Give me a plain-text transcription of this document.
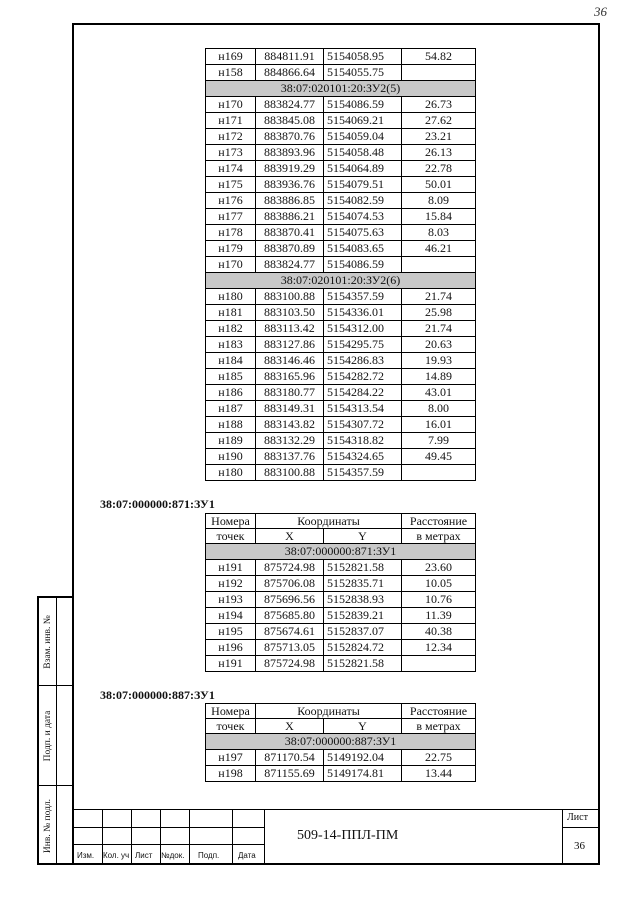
36
Взам. инв. №
Подп. и дата
Инв. № подл.
н169	884811.91	5154058.95	54.82
н158	884866.64	5154055.75	
38:07:020101:20:ЗУ2(5)			
н170	883824.77	5154086.59	26.73
н171	883845.08	5154069.21	27.62
н172	883870.76	5154059.04	23.21
н173	883893.96	5154058.48	26.13
н174	883919.29	5154064.89	22.78
н175	883936.76	5154079.51	50.01
н176	883886.85	5154082.59	8.09
н177	883886.21	5154074.53	15.84
н178	883870.41	5154075.63	8.03
н179	883870.89	5154083.65	46.21
н170	883824.77	5154086.59	
38:07:020101:20:ЗУ2(6)			
н180	883100.88	5154357.59	21.74
н181	883103.50	5154336.01	25.98
н182	883113.42	5154312.00	21.74
н183	883127.86	5154295.75	20.63
н184	883146.46	5154286.83	19.93
н185	883165.96	5154282.72	14.89
н186	883180.77	5154284.22	43.01
н187	883149.31	5154313.54	8.00
н188	883143.82	5154307.72	16.01
н189	883132.29	5154318.82	7.99
н190	883137.76	5154324.65	49.45
н180	883100.88	5154357.59	
38:07:000000:871:ЗУ1
Номера	Координаты		Расстояние
точек	X	Y	в метрах
38:07:000000:871:ЗУ1			
н191	875724.98	5152821.58	23.60
н192	875706.08	5152835.71	10.05
н193	875696.56	5152838.93	10.76
н194	875685.80	5152839.21	11.39
н195	875674.61	5152837.07	40.38
н196	875713.05	5152824.72	12.34
н191	875724.98	5152821.58	
38:07:000000:887:ЗУ1
Номера	Координаты		Расстояние
точек	X	Y	в метрах
38:07:000000:887:ЗУ1			
н197	871170.54	5149192.04	22.75
н198	871155.69	5149174.81	13.44
Изм. Кол. уч Лист №док. Подп. Дата
509-14-ППЛ-ПМ
Лист
36
